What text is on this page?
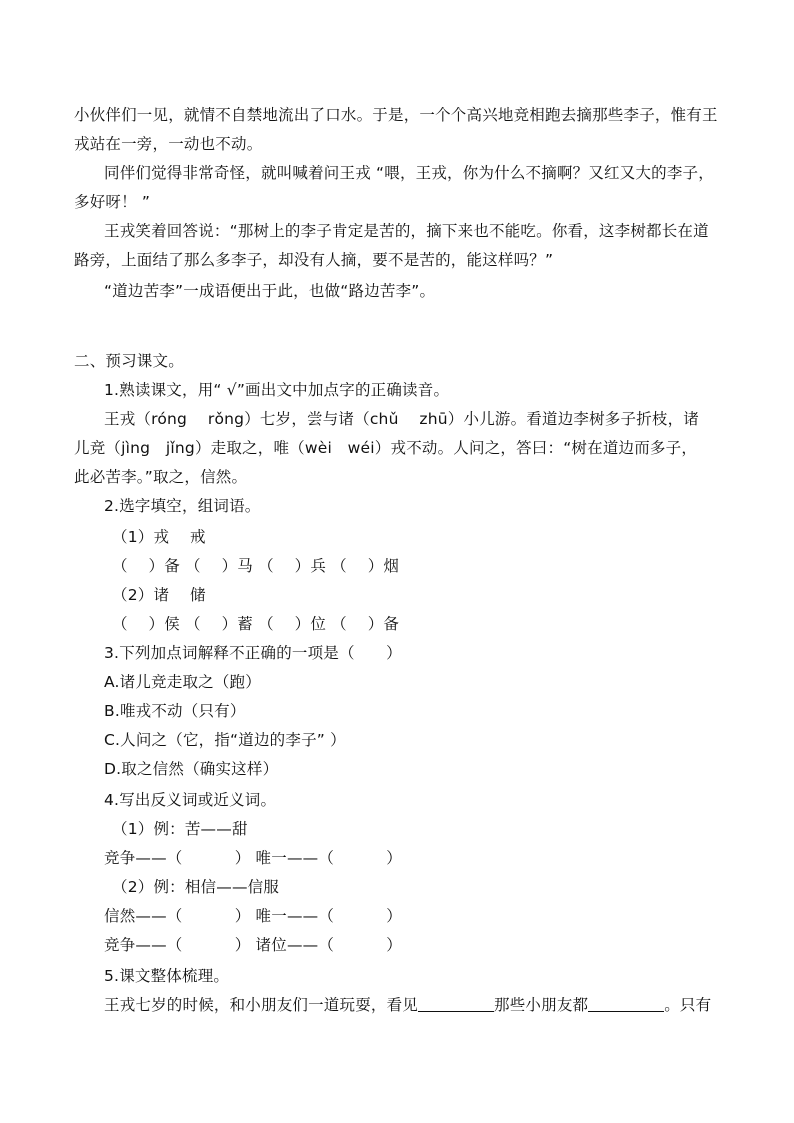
小伙伴们一见，就情不自禁地流出了口水。于是，一个个高兴地竞相跑去摘那些李子，惟有王
戎站在一旁，一动也不动。
同伴们觉得非常奇怪，就叫喊着问王戎 “喂，王戎，你为什么不摘啊？又红又大的李子，
多好呀！ ”
王戎笑着回答说：“那树上的李子肯定是苦的，摘下来也不能吃。你看，这李树都长在道
路旁，上面结了那么多李子，却没有人摘，要不是苦的，能这样吗？”
“道边苦李”一成语便出于此，也做“路边苦李”。
二、预习课文。
1.熟读课文，用“ √”画出文中加点字的正确读音。
王戎（róng　 rǒng）七岁，尝与诸（chǔ　 zhū）小儿游。看道边李树多子折枝，诸
儿竞（jìng　jǐng）走取之，唯（wèi　wéi）戎不动。人问之，答曰：“树在道边而多子，
此必苦李。”取之，信然。
2.选字填空，组词语。
（1）戎　 戒
（　 ）备 （　 ）马 （　 ）兵 （　 ）烟
（2）诸　 储
（　 ）侯 （　 ）蓄 （　 ）位 （　 ）备
3.下列加点词解释不正确的一项是（　　）
A.诸儿竞走取之（跑）
B.唯戎不动（只有）
C.人问之（它，指“道边的李子” ）
D.取之信然（确实这样）
4.写出反义词或近义词。
（1）例：苦——甜
竞争——（　　　 ） 唯一——（　　　 ）
（2）例：相信——信服
信然——（　　　 ） 唯一——（　　　 ）
竞争——（　　　 ） 诸位——（　　　 ）
5.课文整体梳理。
王戎七岁的时候，和小朋友们一道玩耍，看见	那些小朋友都	。只有
